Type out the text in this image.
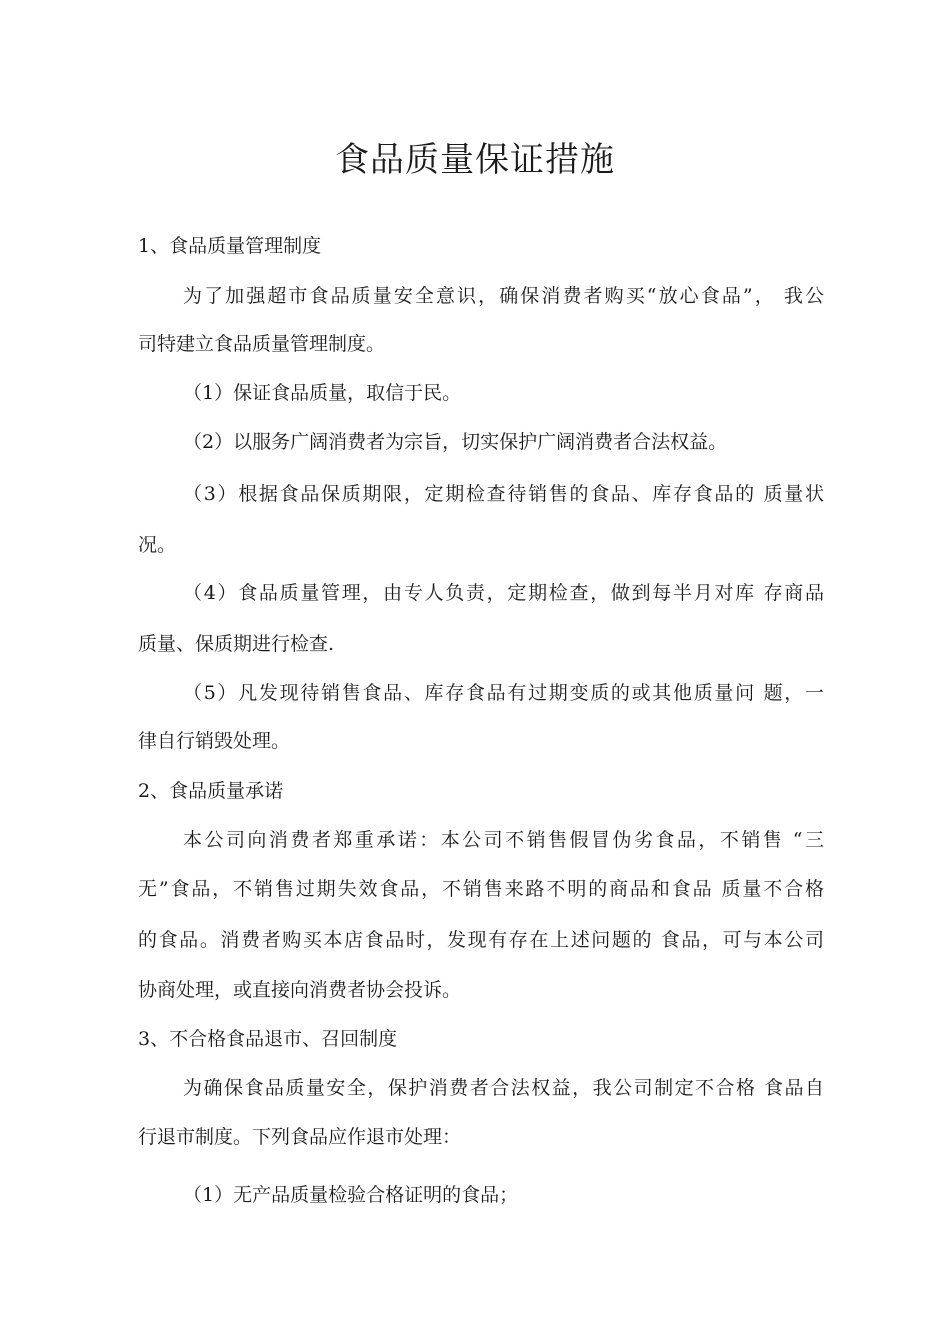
食品质量保证措施

1、食品质量管理制度

为了加强超市食品质量安全意识，确保消费者购买“放心食品”， 我公

司特建立食品质量管理制度。

（1）保证食品质量，取信于民。

（2）以服务广阔消费者为宗旨，切实保护广阔消费者合法权益。

（3）根据食品保质期限，定期检查待销售的食品、库存食品的 质量状

况。

（4）食品质量管理，由专人负责，定期检查，做到每半月对库 存商品

质量、保质期进行检查.

（5）凡发现待销售食品、库存食品有过期变质的或其他质量问 题，一

律自行销毁处理。

2、食品质量承诺

本公司向消费者郑重承诺：本公司不销售假冒伪劣食品，不销售 “三

无”食品，不销售过期失效食品，不销售来路不明的商品和食品 质量不合格

的食品。消费者购买本店食品时，发现有存在上述问题的 食品，可与本公司

协商处理，或直接向消费者协会投诉。

3、不合格食品退市、召回制度

为确保食品质量安全，保护消费者合法权益，我公司制定不合格 食品自

行退市制度。下列食品应作退市处理：

（1）无产品质量检验合格证明的食品；
